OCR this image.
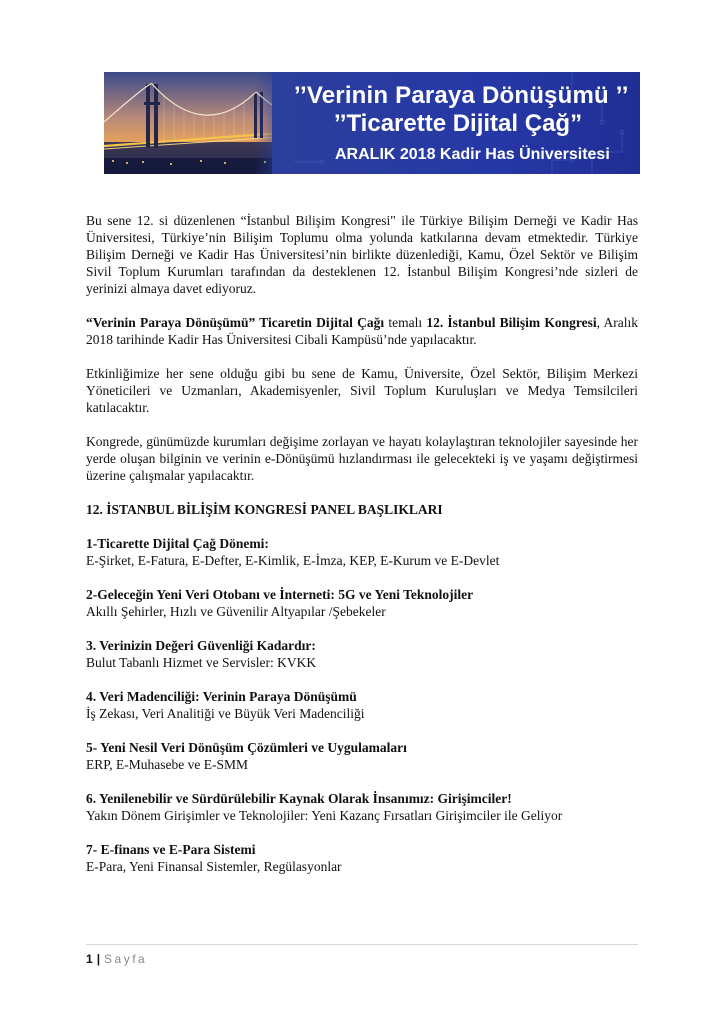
’’Verinin Paraya Dönüşümü ’’
’’Ticarette Dijital Çağ”
ARALIK 2018 Kadir Has Üniversitesi

Bu sene 12. si düzenlenen “İstanbul Bilişim Kongresi" ile Türkiye Bilişim Derneği ve Kadir Has Üniversitesi, Türkiye’nin Bilişim Toplumu olma yolunda katkılarına devam etmektedir. Türkiye Bilişim Derneği ve Kadir Has Üniversitesi’nin birlikte düzenlediği, Kamu, Özel Sektör ve Bilişim Sivil Toplum Kurumları tarafından da desteklenen 12. İstanbul Bilişim Kongresi’nde sizleri de yerinizi almaya davet ediyoruz.

“Verinin Paraya Dönüşümü” Ticaretin Dijital Çağı temalı 12. İstanbul Bilişim Kongresi, Aralık 2018 tarihinde Kadir Has Üniversitesi Cibali Kampüsü’nde yapılacaktır.

Etkinliğimize her sene olduğu gibi bu sene de Kamu, Üniversite, Özel Sektör, Bilişim Merkezi Yöneticileri ve Uzmanları, Akademisyenler, Sivil Toplum Kuruluşları ve Medya Temsilcileri katılacaktır.

Kongrede, günümüzde kurumları değişime zorlayan ve hayatı kolaylaştıran teknolojiler sayesinde her yerde oluşan bilginin ve verinin e-Dönüşümü hızlandırması ile gelecekteki iş ve yaşamı değiştirmesi üzerine çalışmalar yapılacaktır.

12. İSTANBUL BİLİŞİM KONGRESİ PANEL BAŞLIKLARI

1-Ticarette Dijital Çağ Dönemi:

E-Şirket, E-Fatura, E-Defter, E-Kimlik, E-İmza, KEP, E-Kurum ve E-Devlet

2-Geleceğin Yeni Veri Otobanı ve İnterneti: 5G ve Yeni Teknolojiler

Akıllı Şehirler, Hızlı ve Güvenilir Altyapılar /Şebekeler

3. Verinizin Değeri Güvenliği Kadardır:

Bulut Tabanlı Hizmet ve Servisler: KVKK

4. Veri Madenciliği: Verinin Paraya Dönüşümü

İş Zekası, Veri Analitiği ve Büyük Veri Madenciliği

5- Yeni Nesil Veri Dönüşüm Çözümleri ve Uygulamaları

ERP, E-Muhasebe ve E-SMM

6. Yenilenebilir ve Sürdürülebilir Kaynak Olarak İnsanımız: Girişimciler!

Yakın Dönem Girişimler ve Teknolojiler: Yeni Kazanç Fırsatları Girişimciler ile Geliyor

7- E-finans ve E-Para Sistemi

E-Para, Yeni Finansal Sistemler, Regülasyonlar

1 | Sayfa
